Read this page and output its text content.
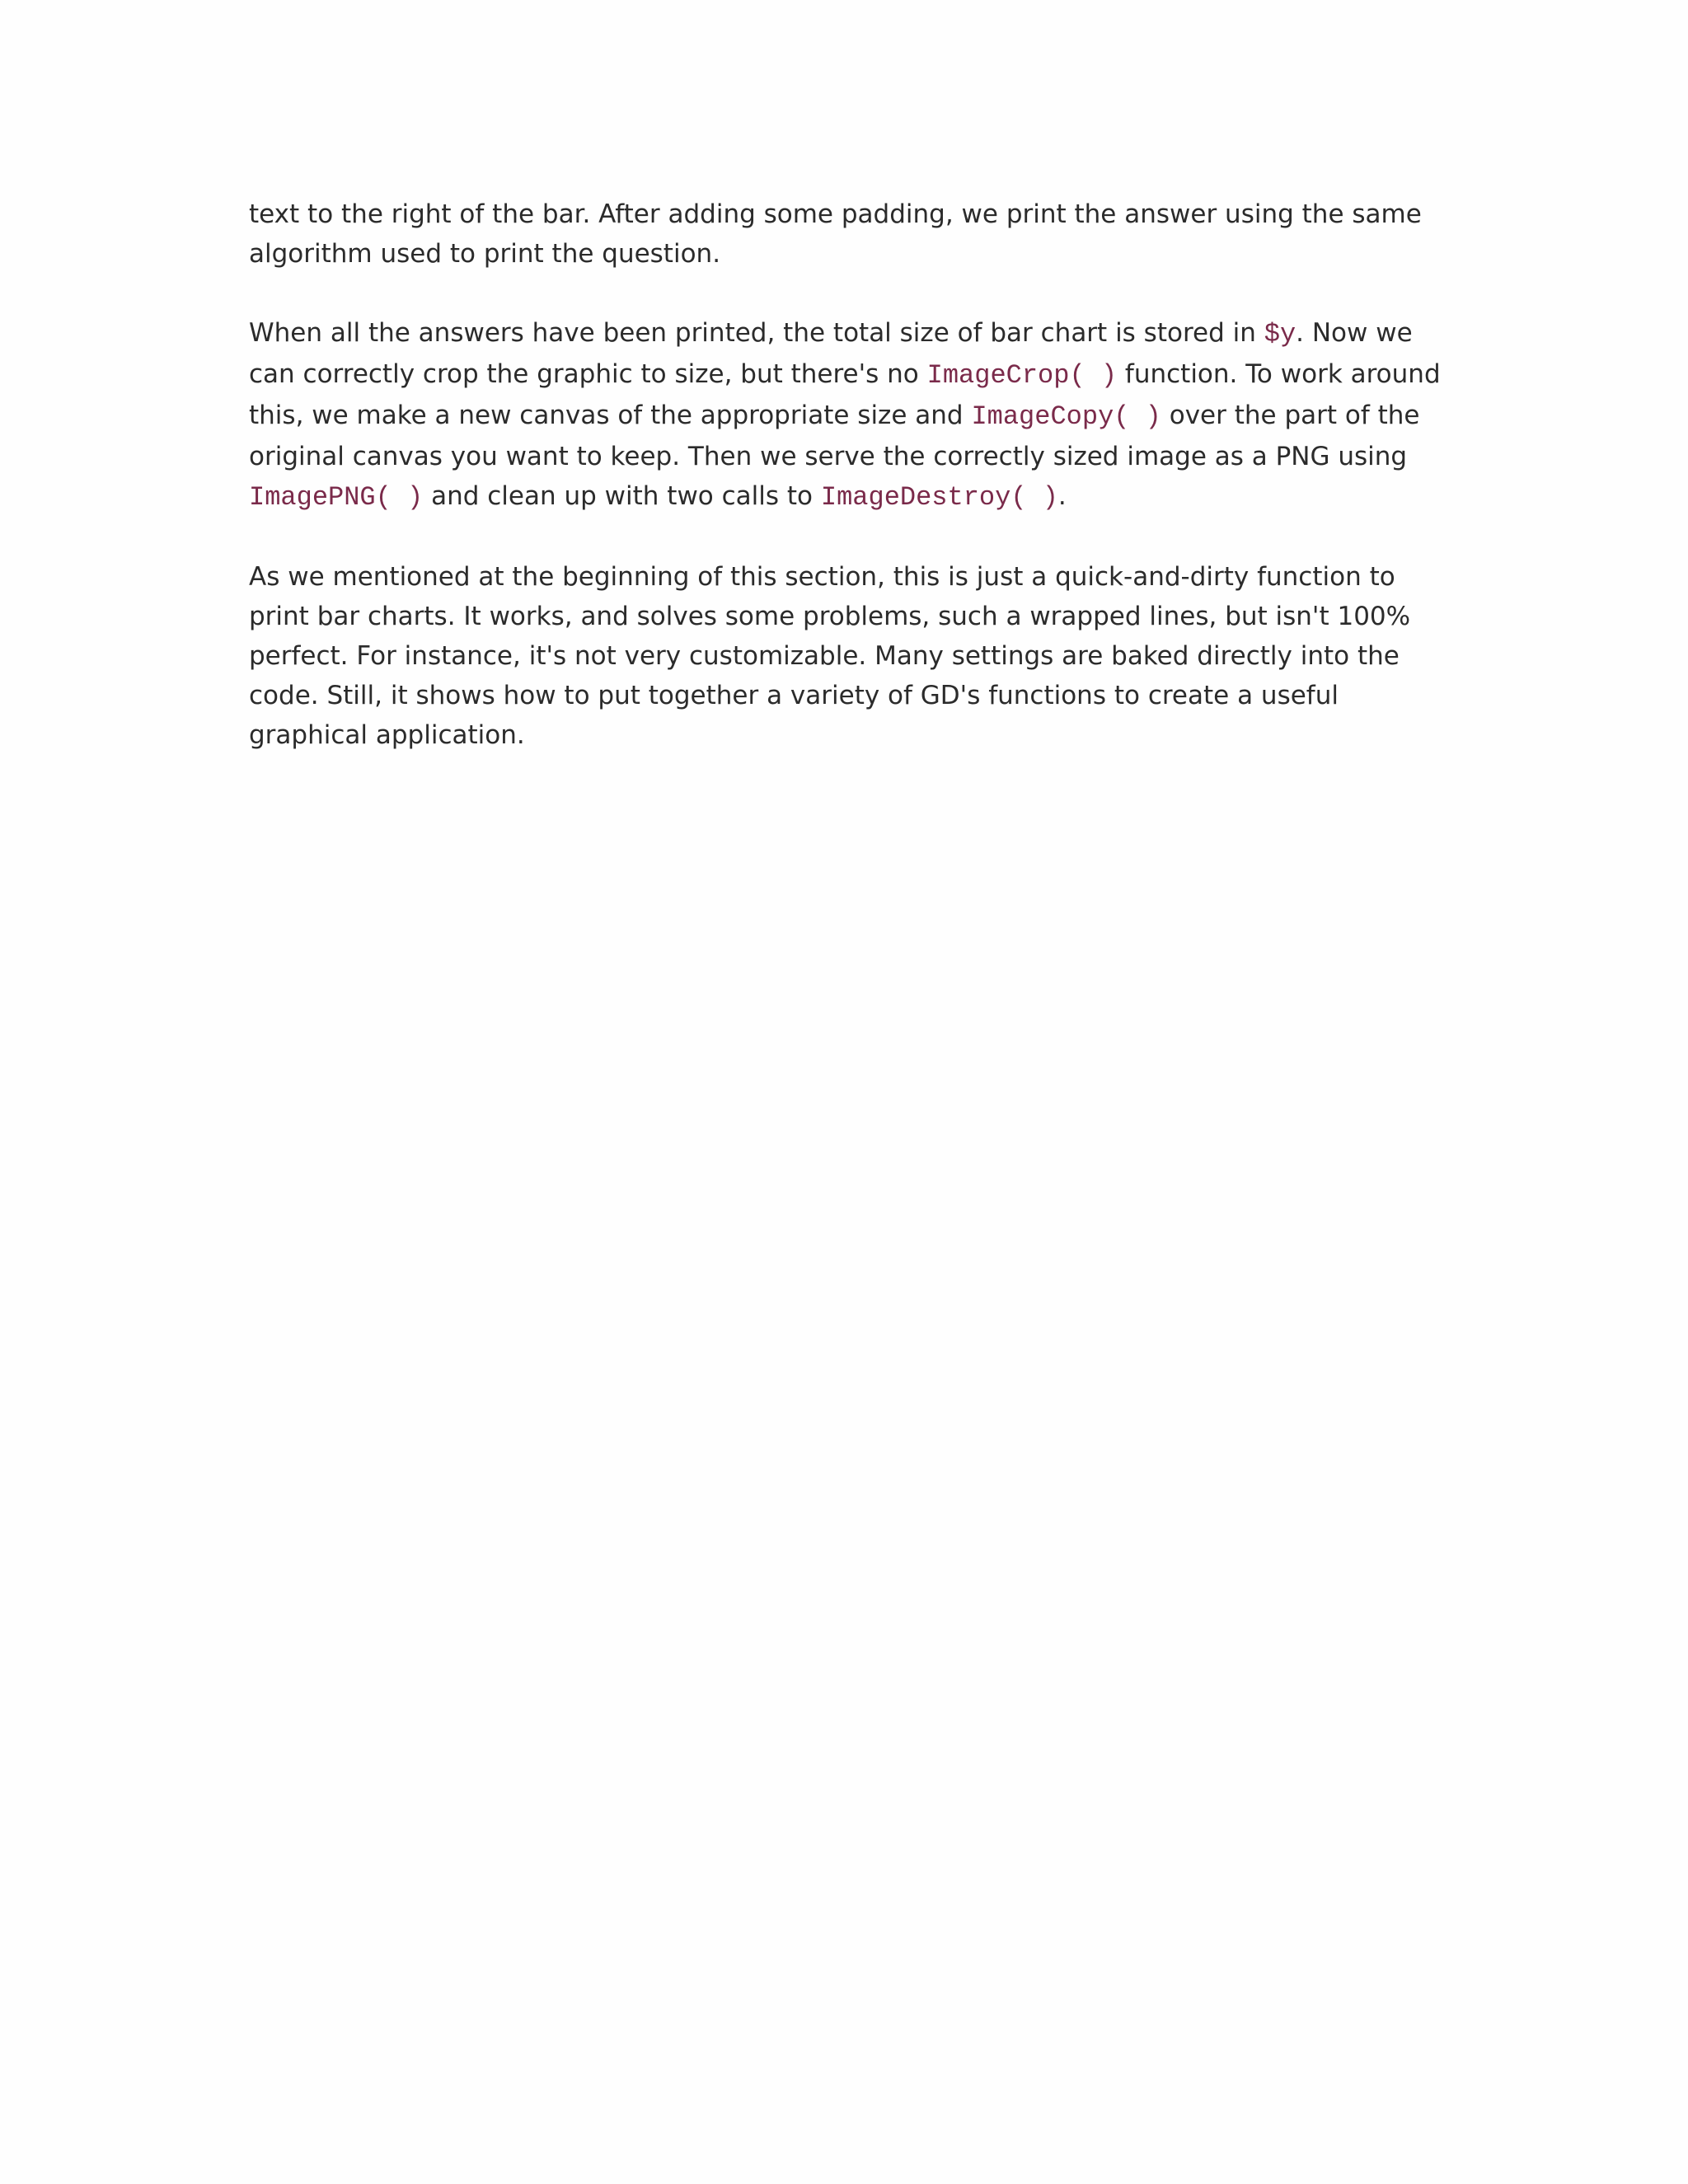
text to the right of the bar. After adding some padding, we print the answer using the same algorithm used to print the question.

When all the answers have been printed, the total size of bar chart is stored in $y. Now we can correctly crop the graphic to size, but there's no ImageCrop( ) function. To work around this, we make a new canvas of the appropriate size and ImageCopy( ) over the part of the original canvas you want to keep. Then we serve the correctly sized image as a PNG using ImagePNG( ) and clean up with two calls to ImageDestroy( ).

As we mentioned at the beginning of this section, this is just a quick-and-dirty function to print bar charts. It works, and solves some problems, such a wrapped lines, but isn't 100% perfect. For instance, it's not very customizable. Many settings are baked directly into the code. Still, it shows how to put together a variety of GD's functions to create a useful graphical application.
